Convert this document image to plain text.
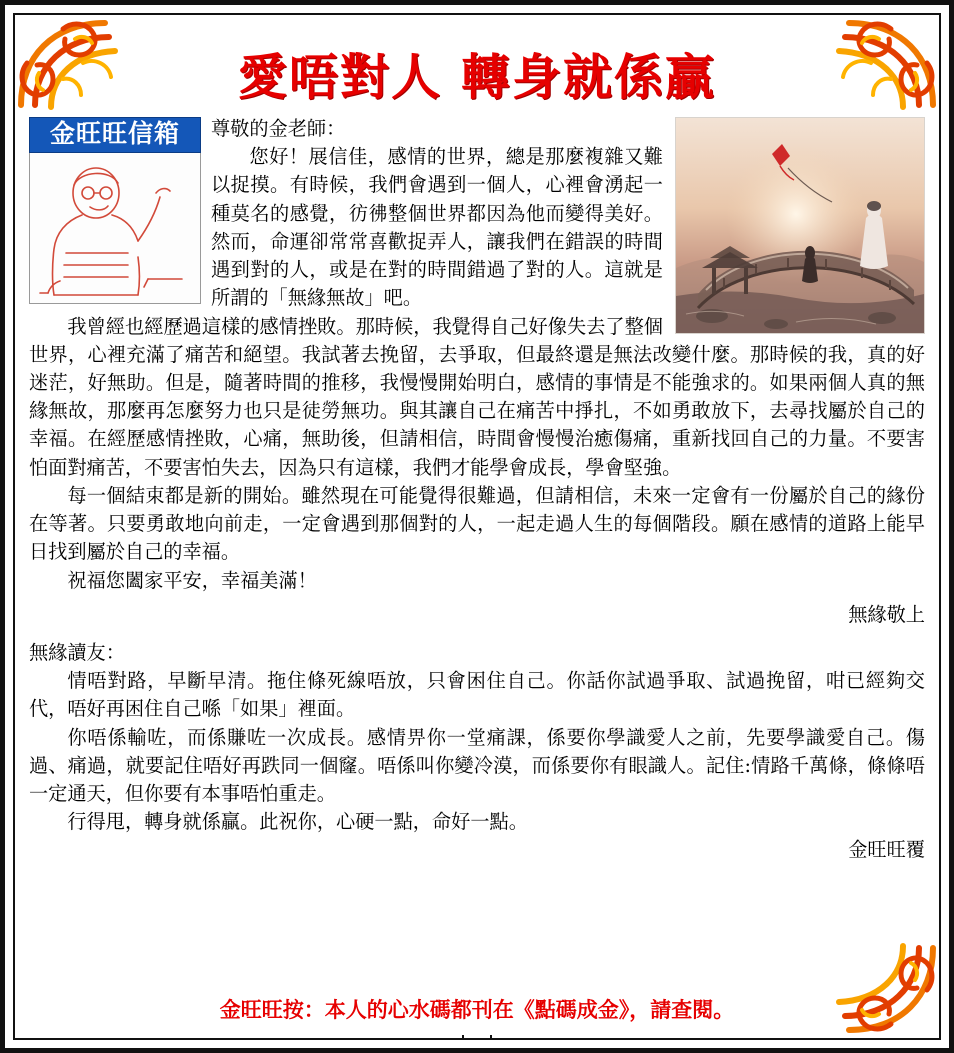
愛唔對人 轉身就係贏
金旺旺信箱	尊敬的金老師：

您好！展信佳，感情的世界，總是那麼複雜又難以捉摸。有時候，我們會遇到一個人，心裡會湧起一種莫名的感覺，彷彿整個世界都因為他而變得美好。然而，命運卻常常喜歡捉弄人，讓我們在錯誤的時間遇到對的人，或是在對的時間錯過了對的人。這就是所謂的「無緣無故」吧。

我曾經也經歷過這樣的感情挫敗。那時候，我覺得自己好像失去了整個世界，心裡充滿了痛苦和絕望。我試著去挽留，去爭取，但最終還是無法改變什麼。那時候的我，真的好迷茫，好無助。但是，隨著時間的推移，我慢慢開始明白，感情的事情是不能強求的。如果兩個人真的無緣無故，那麼再怎麼努力也只是徒勞無功。與其讓自己在痛苦中掙扎，不如勇敢放下，去尋找屬於自己的幸福。在經歷感情挫敗，心痛，無助後，但請相信，時間會慢慢治癒傷痛，重新找回自己的力量。不要害怕面對痛苦，不要害怕失去，因為只有這樣，我們才能學會成長，學會堅強。

每一個結束都是新的開始。雖然現在可能覺得很難過，但請相信，未來一定會有一份屬於自己的緣份在等著。只要勇敢地向前走，一定會遇到那個對的人，一起走過人生的每個階段。願在感情的道路上能早日找到屬於自己的幸福。

祝福您闔家平安，幸福美滿！

無緣敬上

無緣讀友：

情唔對路，早斷早清。拖住條死線唔放，只會困住自己。你話你試過爭取、試過挽留，咁已經夠交代，唔好再困住自己喺「如果」裡面。

你唔係輸咗，而係賺咗一次成長。感情畀你一堂痛課，係要你學識愛人之前，先要學識愛自己。傷過、痛過，就要記住唔好再跌同一個窿。唔係叫你變冷漠，而係要你有眼識人。記住:情路千萬條，條條唔一定通天，但你要有本事唔怕重走。

行得甩，轉身就係贏。此祝你，心硬一點，命好一點。

金旺旺覆

金旺旺按：本人的心水碼都刊在《點碼成金》，請查閱。
